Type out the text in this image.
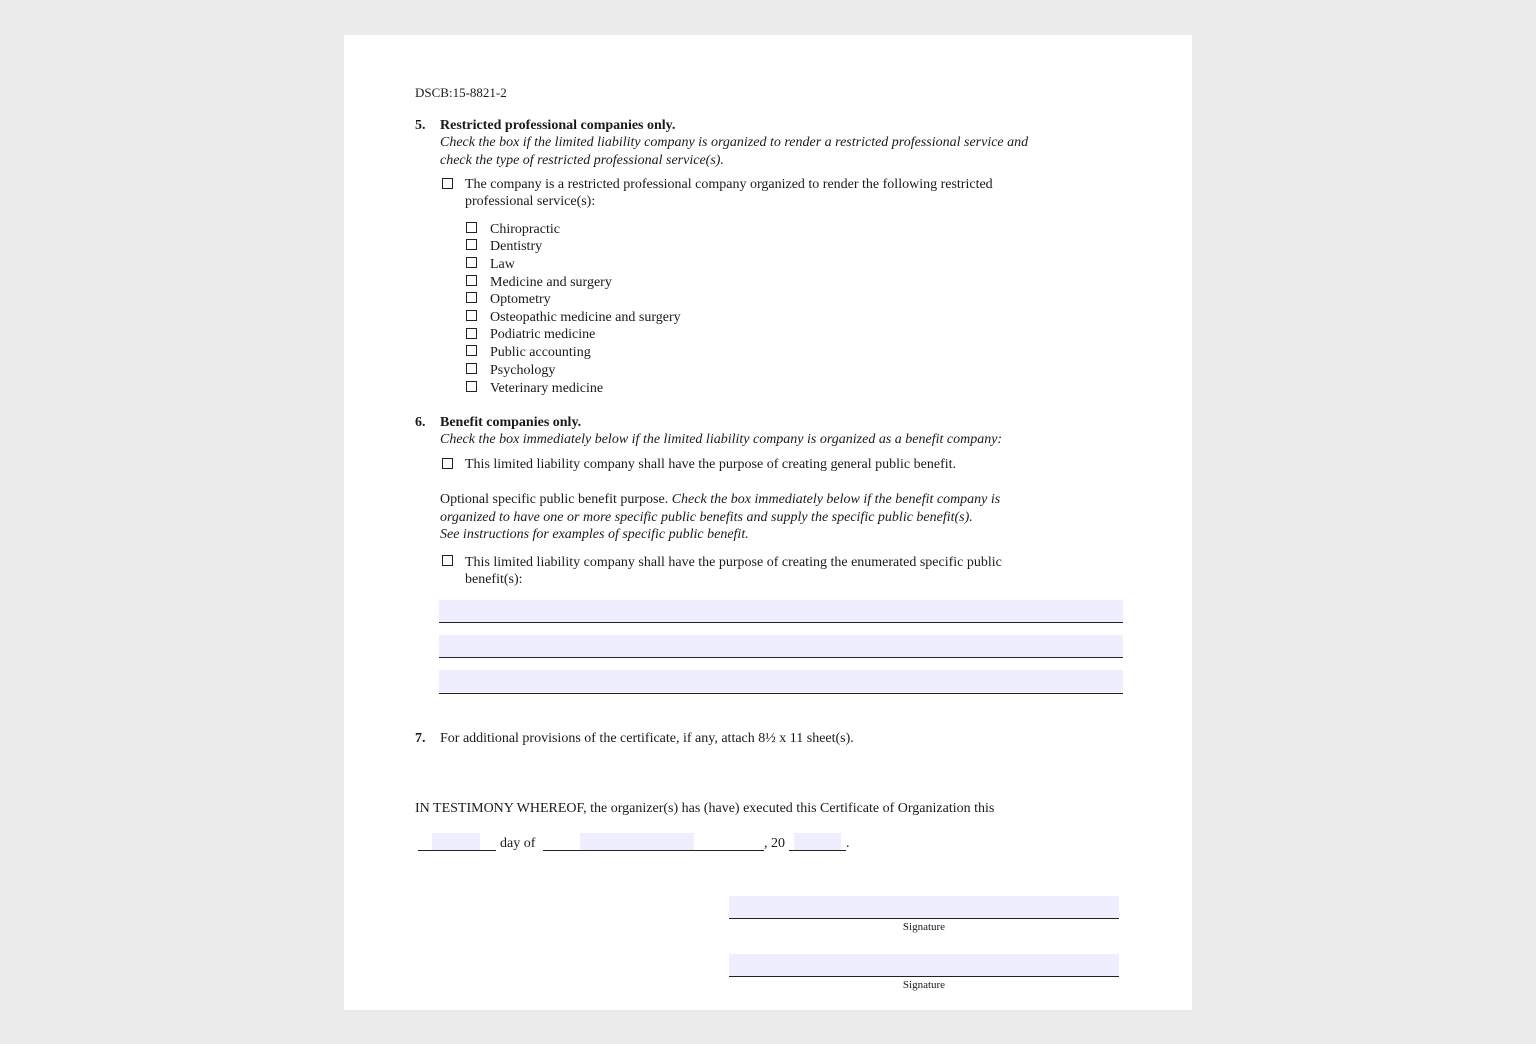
DSCB:15-8821-2
5. Restricted professional companies only.
Check the box if the limited liability company is organized to render a restricted professional service and
check the type of restricted professional service(s).
The company is a restricted professional company organized to render the following restricted
professional service(s):
Chiropractic
Dentistry
Law
Medicine and surgery
Optometry
Osteopathic medicine and surgery
Podiatric medicine
Public accounting
Psychology
Veterinary medicine
6. Benefit companies only.
Check the box immediately below if the limited liability company is organized as a benefit company:
This limited liability company shall have the purpose of creating general public benefit.
Optional specific public benefit purpose. Check the box immediately below if the benefit company is
organized to have one or more specific public benefits and supply the specific public benefit(s).
See instructions for examples of specific public benefit.
This limited liability company shall have the purpose of creating the enumerated specific public
benefit(s):
7. For additional provisions of the certificate, if any, attach 8½ x 11 sheet(s).
IN TESTIMONY WHEREOF, the organizer(s) has (have) executed this Certificate of Organization this
day of	, 20	.
Signature
Signature
